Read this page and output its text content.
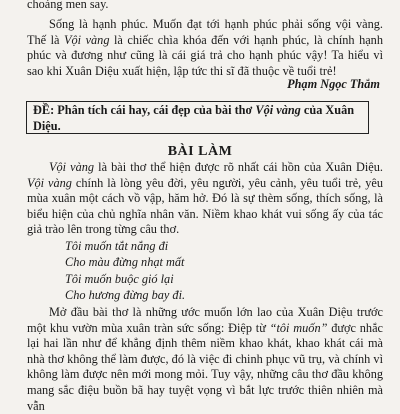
choáng men say.

Sống là hạnh phúc. Muốn đạt tới hạnh phúc phải sống vội vàng. Thế là Vội vàng là chiếc chìa khóa đến với hạnh phúc, là chính hạnh phúc và đương như cũng là cái giá trả cho hạnh phúc vậy! Ta hiểu vì sao khi Xuân Diệu xuất hiện, lập tức thi sĩ đã thuộc về tuổi trẻ!

Phạm Ngọc Thắm

ĐỀ: Phân tích cái hay, cái đẹp của bài thơ Vội vàng của Xuân Diệu.

BÀI LÀM

Vội vàng là bài thơ thể hiện được rõ nhất cái hồn của Xuân Diệu. Vội vàng chính là lòng yêu đời, yêu người, yêu cảnh, yêu tuổi trẻ, yêu mùa xuân một cách vồ vập, hăm hở. Đó là sự thèm sống, thích sống, là biểu hiện của chủ nghĩa nhân văn. Niềm khao khát vui sống ấy của tác giả trào lên trong từng câu thơ.

Tôi muốn tắt nắng đi
Cho màu đừng nhạt mất
Tôi muốn buộc gió lại
Cho hương đừng bay đi.

Mở đầu bài thơ là những ước muốn lớn lao của Xuân Diệu trước một khu vườn mùa xuân tràn sức sống: Điệp từ “tôi muốn” được nhắc lại hai lần như để khẳng định thêm niềm khao khát, khao khát cái mà nhà thơ không thể làm được, đó là việc đi chinh phục vũ trụ, và chính vì không làm được nên mới mong mỏi. Tuy vậy, những câu thơ đầu không mang sắc điệu buồn bã hay tuyệt vọng vì bắt lực trước thiên nhiên mà vẫn
